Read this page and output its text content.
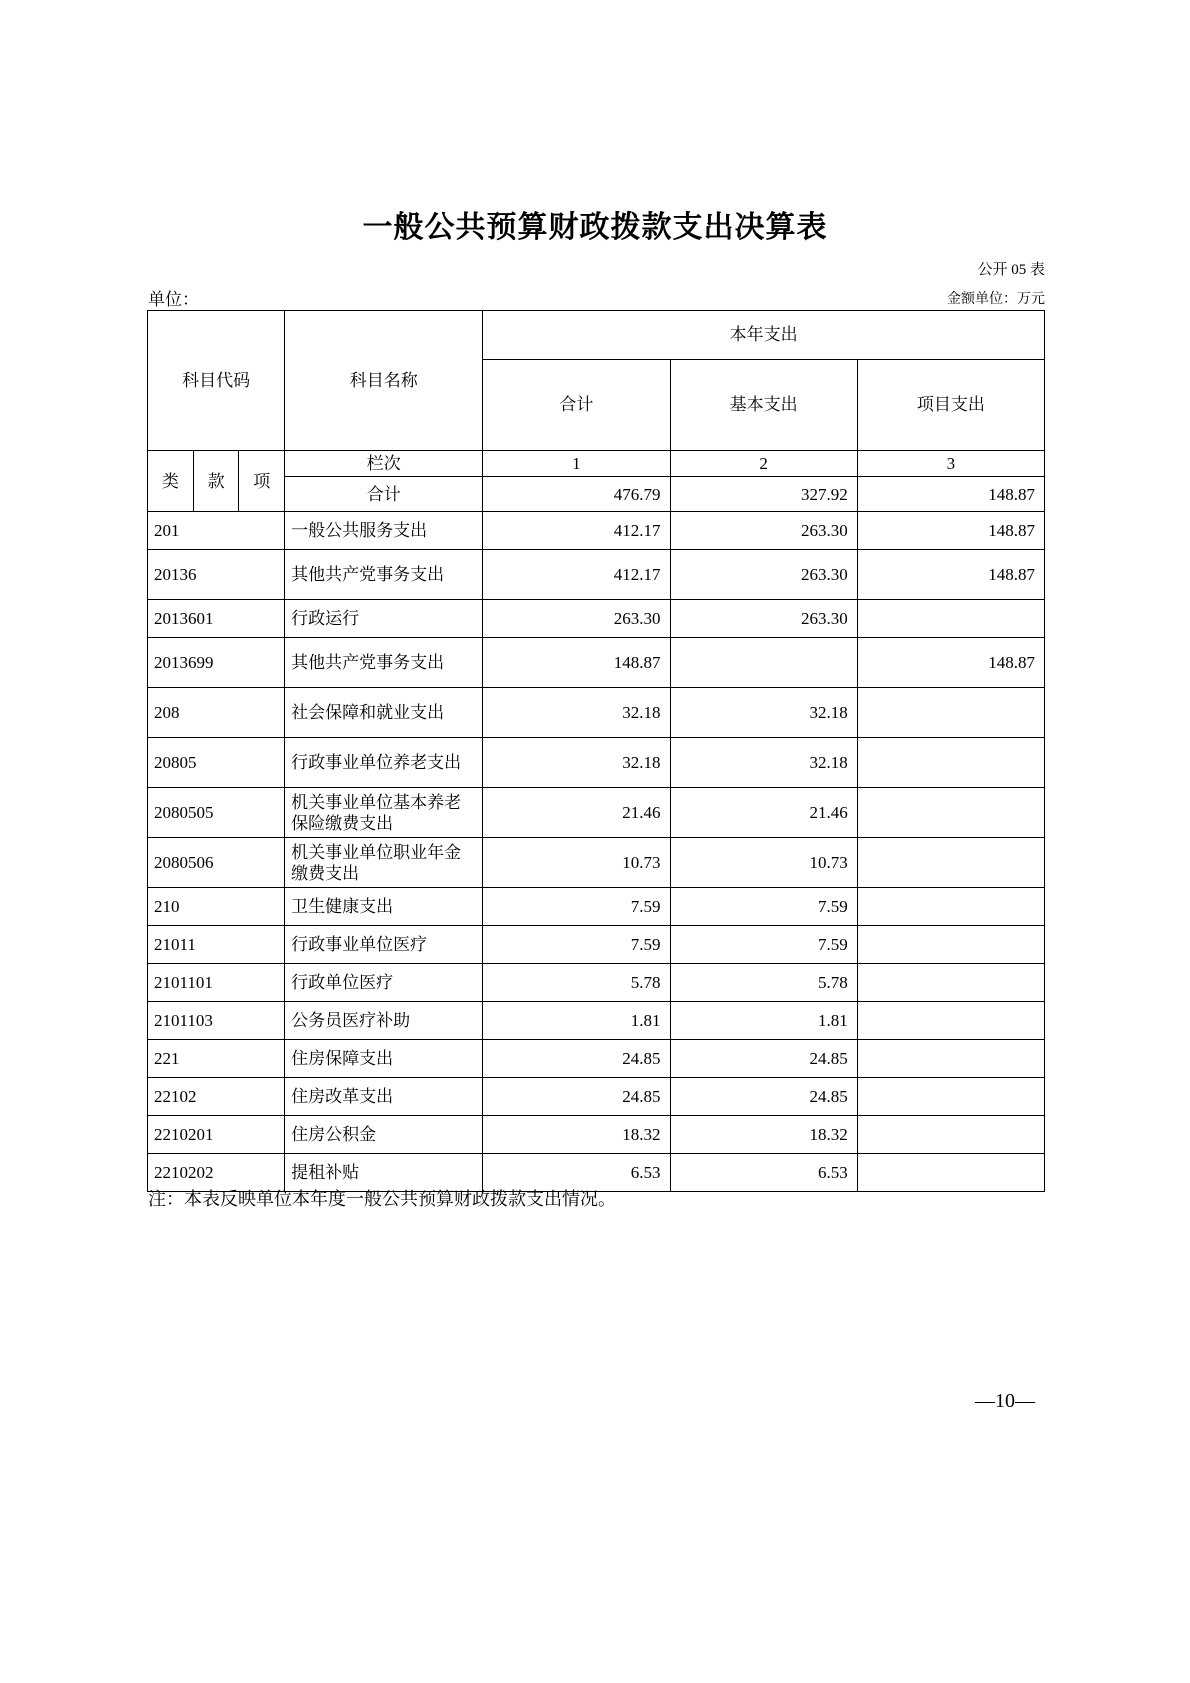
一般公共预算财政拨款支出决算表
公开 05 表
单位：	金额单位：万元
科目代码			科目名称	本年支出		
				合计	基本支出	项目支出
类	款	项	栏次	1	2	3
			合计	476.79	327.92	148.87
201			一般公共服务支出	412.17	263.30	148.87
20136			其他共产党事务支出	412.17	263.30	148.87
2013601			行政运行	263.30	263.30	
2013699			其他共产党事务支出	148.87		148.87
208			社会保障和就业支出	32.18	32.18	
20805			行政事业单位养老支出	32.18	32.18	
2080505			机关事业单位基本养老保险缴费支出	21.46	21.46	
2080506			机关事业单位职业年金缴费支出	10.73	10.73	
210			卫生健康支出	7.59	7.59	
21011			行政事业单位医疗	7.59	7.59	
2101101			行政单位医疗	5.78	5.78	
2101103			公务员医疗补助	1.81	1.81	
221			住房保障支出	24.85	24.85	
22102			住房改革支出	24.85	24.85	
2210201			住房公积金	18.32	18.32	
2210202			提租补贴	6.53	6.53	
注：本表反映单位本年度一般公共预算财政拨款支出情况。
—10—
